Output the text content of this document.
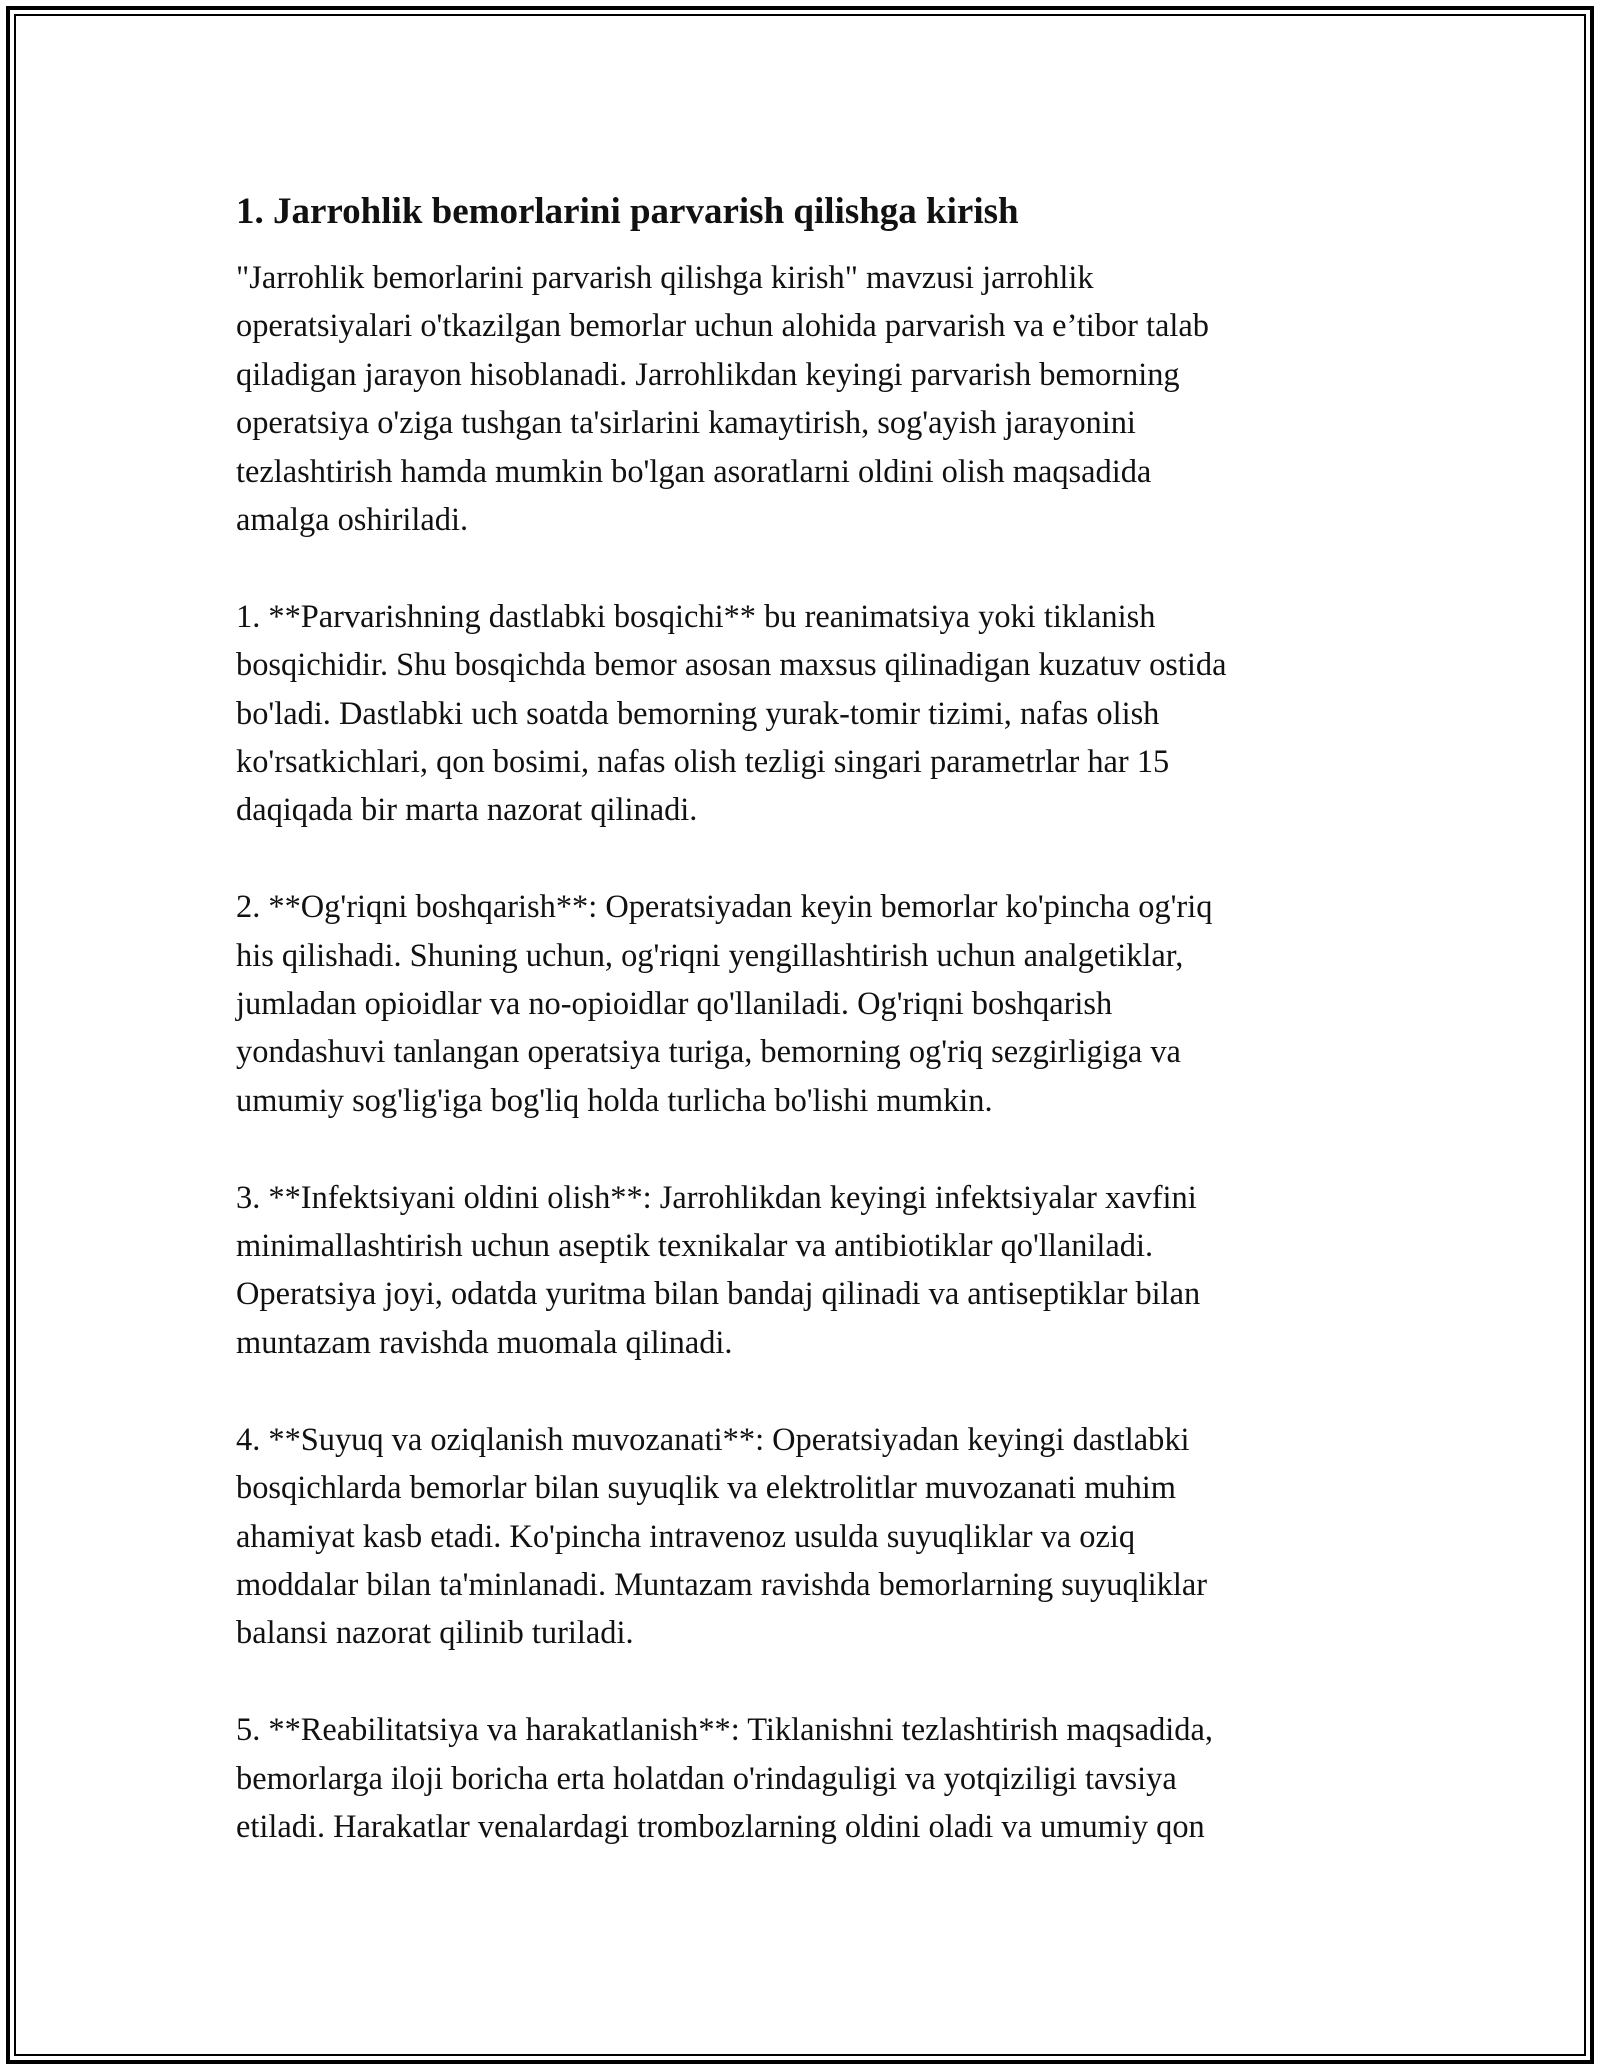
1. Jarrohlik bemorlarini parvarish qilishga kirish

"Jarrohlik bemorlarini parvarish qilishga kirish" mavzusi jarrohlik
operatsiyalari o'tkazilgan bemorlar uchun alohida parvarish va e’tibor talab
qiladigan jarayon hisoblanadi. Jarrohlikdan keyingi parvarish bemorning
operatsiya o'ziga tushgan ta'sirlarini kamaytirish, sog'ayish jarayonini
tezlashtirish hamda mumkin bo'lgan asoratlarni oldini olish maqsadida
amalga oshiriladi.

1. **Parvarishning dastlabki bosqichi** bu reanimatsiya yoki tiklanish
bosqichidir. Shu bosqichda bemor asosan maxsus qilinadigan kuzatuv ostida
bo'ladi. Dastlabki uch soatda bemorning yurak-tomir tizimi, nafas olish
ko'rsatkichlari, qon bosimi, nafas olish tezligi singari parametrlar har 15
daqiqada bir marta nazorat qilinadi.

2. **Og'riqni boshqarish**: Operatsiyadan keyin bemorlar ko'pincha og'riq
his qilishadi. Shuning uchun, og'riqni yengillashtirish uchun analgetiklar,
jumladan opioidlar va no-opioidlar qo'llaniladi. Og'riqni boshqarish
yondashuvi tanlangan operatsiya turiga, bemorning og'riq sezgirligiga va
umumiy sog'lig'iga bog'liq holda turlicha bo'lishi mumkin.

3. **Infektsiyani oldini olish**: Jarrohlikdan keyingi infektsiyalar xavfini
minimallashtirish uchun aseptik texnikalar va antibiotiklar qo'llaniladi.
Operatsiya joyi, odatda yuritma bilan bandaj qilinadi va antiseptiklar bilan
muntazam ravishda muomala qilinadi.

4. **Suyuq va oziqlanish muvozanati**: Operatsiyadan keyingi dastlabki
bosqichlarda bemorlar bilan suyuqlik va elektrolitlar muvozanati muhim
ahamiyat kasb etadi. Ko'pincha intravenoz usulda suyuqliklar va oziq
moddalar bilan ta'minlanadi. Muntazam ravishda bemorlarning suyuqliklar
balansi nazorat qilinib turiladi.

5. **Reabilitatsiya va harakatlanish**: Tiklanishni tezlashtirish maqsadida,
bemorlarga iloji boricha erta holatdan o'rindaguligi va yotqiziligi tavsiya
etiladi. Harakatlar venalardagi trombozlarning oldini oladi va umumiy qon
